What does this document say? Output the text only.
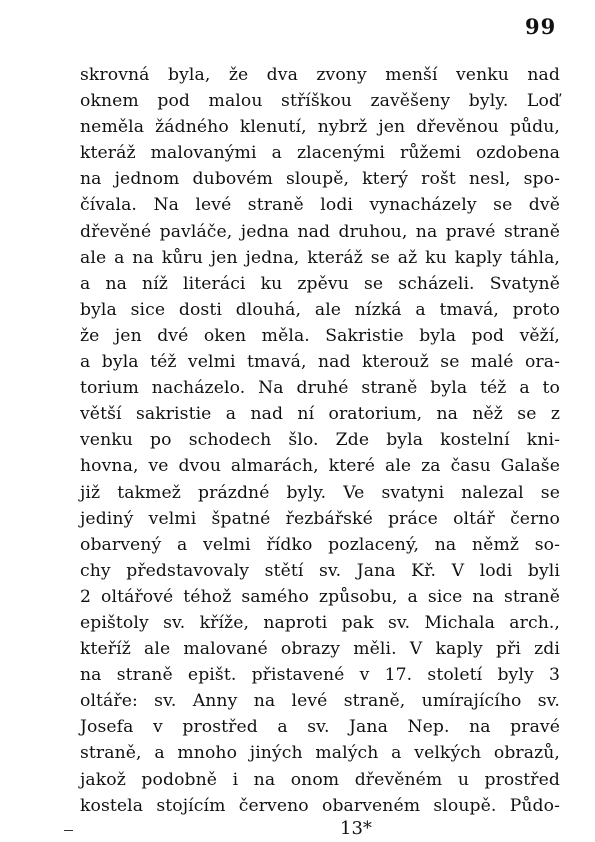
99
skrovná byla, že dva zvony menší venku nad
oknem pod malou stříškou zavěšeny byly. Loď
neměla žádného klenutí, nybrž jen dřevěnou půdu,
kteráž malovanými a zlacenými růžemi ozdobena
na jednom dubovém sloupě, který rošt nesl, spo-
čívala. Na levé straně lodi vynacházely se dvě
dřevěné pavláče, jedna nad druhou, na pravé straně
ale a na kůru jen jedna, kteráž se až ku kaply táhla,
a na níž literáci ku zpěvu se scházeli. Svatyně
byla sice dosti dlouhá, ale nízká a tmavá, proto
že jen dvé oken měla. Sakristie byla pod věží,
a byla též velmi tmavá, nad kterouž se malé ora-
torium nacházelo. Na druhé straně byla též a to
větší sakristie a nad ní oratorium, na něž se z
venku po schodech šlo. Zde byla kostelní kni-
hovna, ve dvou almarách, které ale za času Galaše
již takmež prázdné byly. Ve svatyni nalezal se
jediný velmi špatné řezbářské práce oltář černo
obarvený a velmi řídko pozlacený, na němž so-
chy představovaly stětí sv. Jana Kř. V lodi byli
2 oltářové téhož samého způsobu, a sice na straně
epištoly sv. kříže, naproti pak sv. Michala arch.,
kteříž ale malované obrazy měli. V kaply při zdi
na straně epišt. přistavené v 17. století byly 3
oltáře: sv. Anny na levé straně, umírajícího sv.
Josefa v prostřed a sv. Jana Nep. na pravé
straně, a mnoho jiných malých a velkých obrazů,
jakož podobně i na onom dřevěném u prostřed
kostela stojícím červeno obarveném sloupě. Půdo-
13*
